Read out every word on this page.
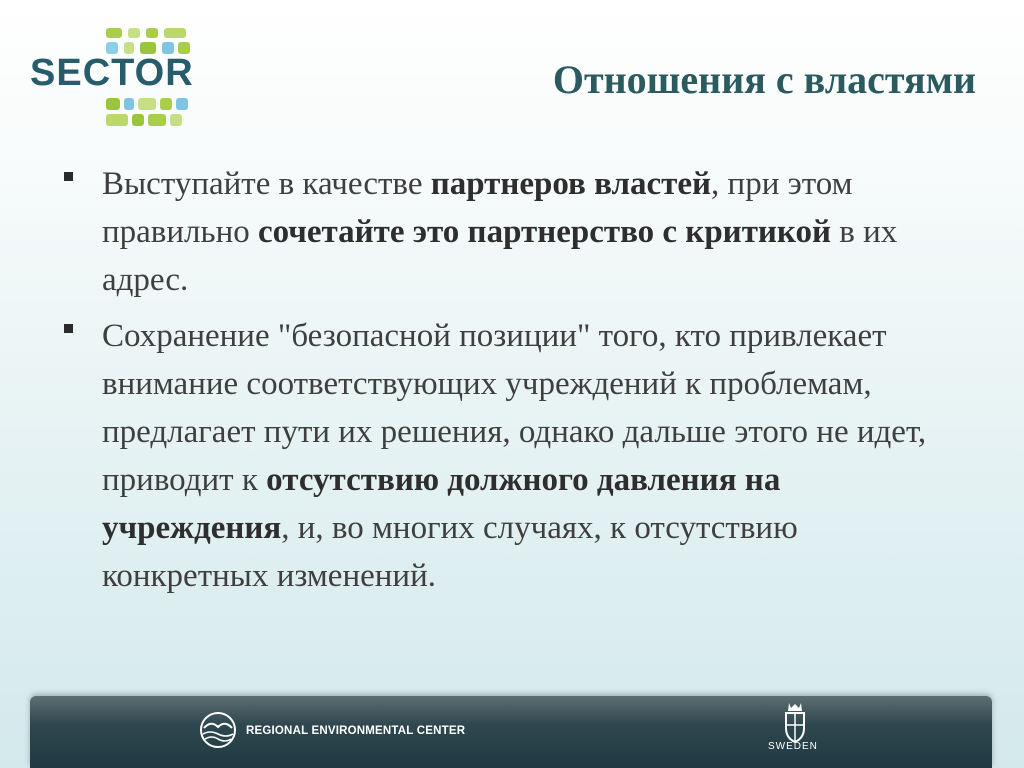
SECTOR	Отношения с властями
Выступайте в качестве партнеров властей, при этом правильно сочетайте это партнерство с критикой в их адрес.
Сохранение "безопасной позиции" того, кто привлекает внимание соответствующих учреждений к проблемам, предлагает пути их решения, однако дальше этого не идет, приводит к отсутствию должного давления на учреждения, и, во многих случаях, к отсутствию конкретных изменений.
REGIONAL ENVIRONMENTAL CENTER
SWEDEN
